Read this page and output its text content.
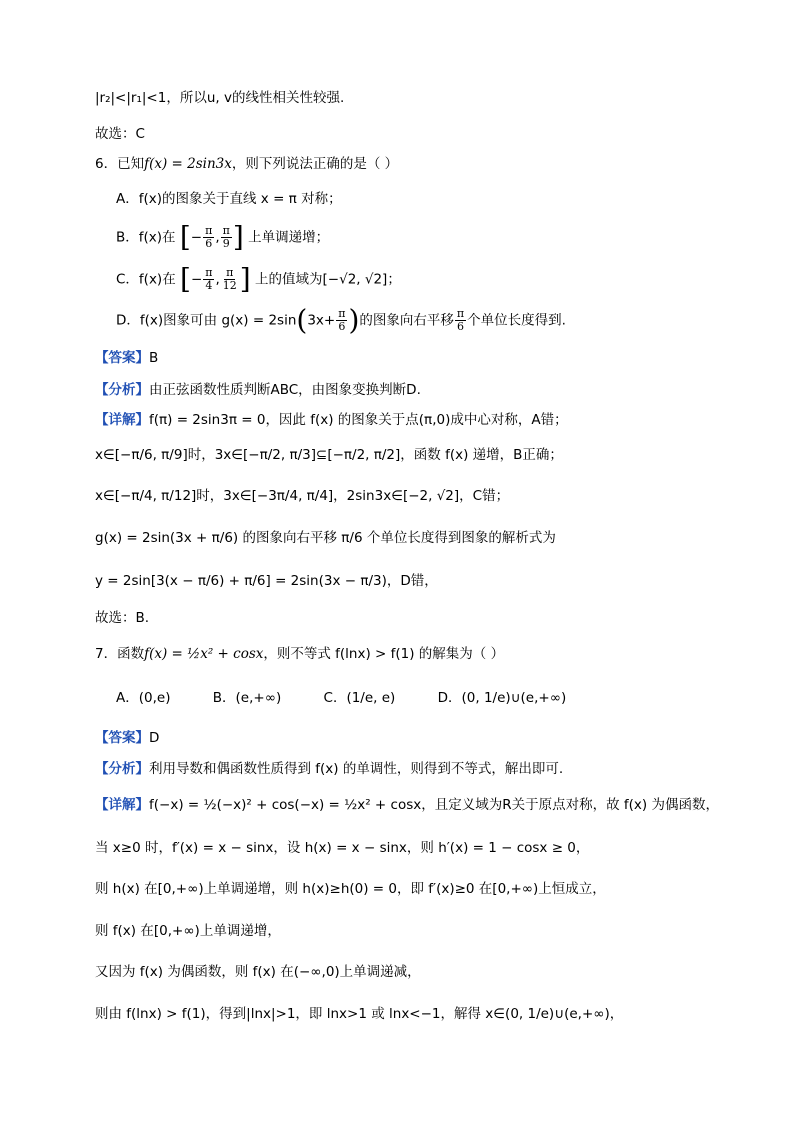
|r₂|<|r₁|<1，所以u, v的线性相关性较强.
故选：C
6．已知f(x) = 2sin3x，则下列说法正确的是（ ）
A．f(x)的图象关于直线 x = π 对称；
B．f(x)在 [− $\frac{\pi}{6}$ , $\frac{\pi}{9}$ ] 上单调递增；
C．f(x)在 [− $\frac{\pi}{4}$ , $\frac{\pi}{12}$ ] 上的值域为[−√2, √2]；
D．f(x)图象可由 $g(x) = 2\sin(3x+ \frac{\pi}{6}$ )的图象向右平移 $\frac{\pi}{6}$ 个单位长度得到.
【答案】B
【分析】由正弦函数性质判断ABC，由图象变换判断D.
【详解】f(π) = 2sin3π = 0，因此 f(x) 的图象关于点(π,0)成中心对称，A错；
x∈[−π/6, π/9]时，3x∈[−π/2, π/3]⊆[−π/2, π/2]，函数 f(x) 递增，B正确；
x∈[−π/4, π/12]时，3x∈[−3π/4, π/4]，2sin3x∈[−2, √2]，C错；
g(x) = 2sin(3x + π/6) 的图象向右平移 π/6 个单位长度得到图象的解析式为
y = 2sin[3(x − π/6) + π/6] = 2sin(3x − π/3)，D错，
故选：B.
7．函数f(x) = ½x² + cosx，则不等式 f(lnx) > f(1) 的解集为（ ）
A．(0,e)	B．(e,+∞)	C．(1/e, e)	D．(0, 1/e)∪(e,+∞)
【答案】D
【分析】利用导数和偶函数性质得到 f(x) 的单调性，则得到不等式，解出即可.
【详解】f(−x) = ½(−x)² + cos(−x) = ½x² + cosx，且定义域为R关于原点对称，故 f(x) 为偶函数，
当 x≥0 时，f′(x) = x − sinx，设 h(x) = x − sinx，则 h′(x) = 1 − cosx ≥ 0，
则 h(x) 在[0,+∞)上单调递增，则 h(x)≥h(0) = 0，即 f′(x)≥0 在[0,+∞)上恒成立，
则 f(x) 在[0,+∞)上单调递增，
又因为 f(x) 为偶函数，则 f(x) 在(−∞,0)上单调递减，
则由 f(lnx) > f(1)，得到|lnx|>1，即 lnx>1 或 lnx<−1，解得 x∈(0, 1/e)∪(e,+∞)，
